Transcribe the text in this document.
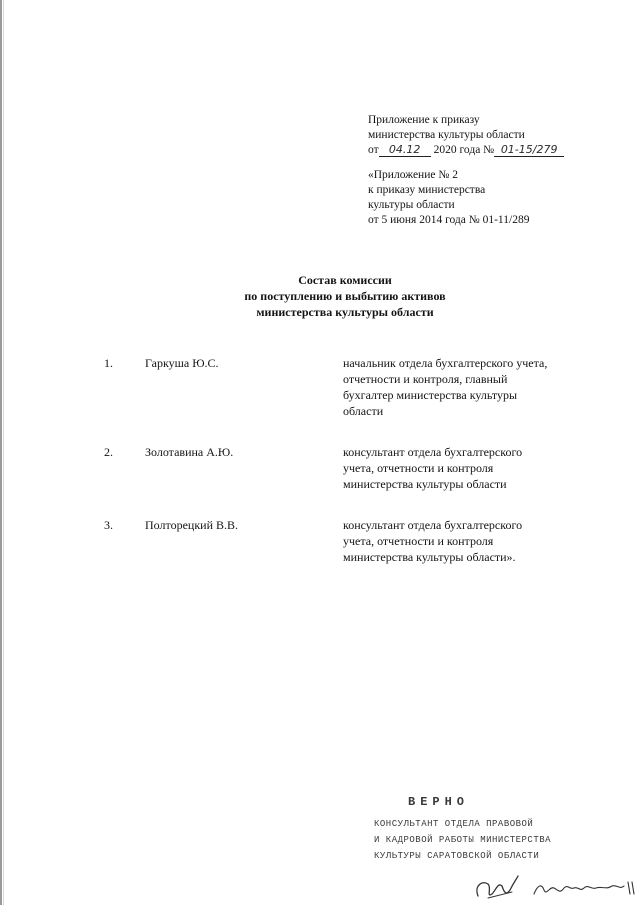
Приложение к приказу
министерства культуры области
от 04.12	2020 года № 01-15/279
«Приложение № 2
к приказу министерства
культуры области
от 5 июня 2014 года № 01-11/289
Состав комиссии
по поступлению и выбытию активов
министерства культуры области
1.	Гаркуша Ю.С.	начальник отдела бухгалтерского учета,
отчетности и контроля, главный
бухгалтер министерства культуры
области
2.	Золотавина А.Ю.	консультант отдела бухгалтерского
учета, отчетности и контроля
министерства культуры области
3.	Полторецкий В.В.	консультант отдела бухгалтерского
учета, отчетности и контроля
министерства культуры области».
ВЕРНО
КОНСУЛЬТАНТ ОТДЕЛА ПРАВОВОЙ
И КАДРОВОЙ РАБОТЫ МИНИСТЕРСТВА
КУЛЬТУРЫ САРАТОВСКОЙ ОБЛАСТИ
